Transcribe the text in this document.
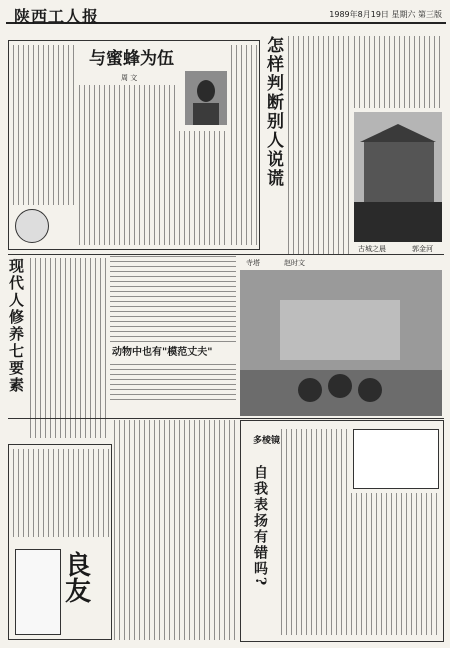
陕西工人报	1989年8月19日 星期六 第三版
与蜜蜂为伍
周 文	怎样判断别人说谎
古城之晨	郭金河
现代人修养七要素	动物中也有"模范丈夫"
寺塔	赵时文
良友
多棱镜
自我表扬有错吗?
